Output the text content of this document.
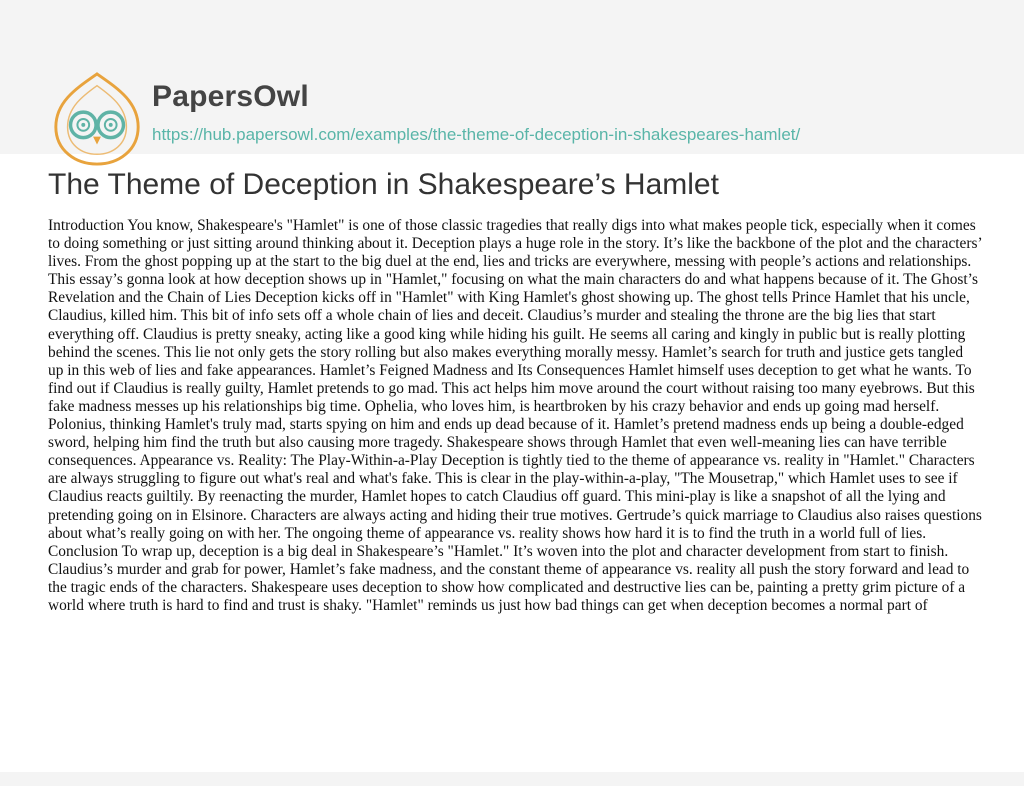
PapersOwl
https://hub.papersowl.com/examples/the-theme-of-deception-in-shakespeares-hamlet/
The Theme of Deception in Shakespeare’s Hamlet

Introduction You know, Shakespeare's "Hamlet" is one of those classic tragedies that really digs into what makes people tick, especially when it comes to doing something or just sitting around thinking about it. Deception plays a huge role in the story. It’s like the backbone of the plot and the characters’ lives. From the ghost popping up at the start to the big duel at the end, lies and tricks are everywhere, messing with people’s actions and relationships. This essay’s gonna look at how deception shows up in "Hamlet," focusing on what the main characters do and what happens because of it. The Ghost’s Revelation and the Chain of Lies Deception kicks off in "Hamlet" with King Hamlet's ghost showing up. The ghost tells Prince Hamlet that his uncle, Claudius, killed him. This bit of info sets off a whole chain of lies and deceit. Claudius’s murder and stealing the throne are the big lies that start everything off. Claudius is pretty sneaky, acting like a good king while hiding his guilt. He seems all caring and kingly in public but is really plotting behind the scenes. This lie not only gets the story rolling but also makes everything morally messy. Hamlet’s search for truth and justice gets tangled up in this web of lies and fake appearances. Hamlet’s Feigned Madness and Its Consequences Hamlet himself uses deception to get what he wants. To find out if Claudius is really guilty, Hamlet pretends to go mad. This act helps him move around the court without raising too many eyebrows. But this fake madness messes up his relationships big time. Ophelia, who loves him, is heartbroken by his crazy behavior and ends up going mad herself. Polonius, thinking Hamlet's truly mad, starts spying on him and ends up dead because of it. Hamlet’s pretend madness ends up being a double-edged sword, helping him find the truth but also causing more tragedy. Shakespeare shows through Hamlet that even well-meaning lies can have terrible consequences. Appearance vs. Reality: The Play-Within-a-Play Deception is tightly tied to the theme of appearance vs. reality in "Hamlet." Characters are always struggling to figure out what's real and what's fake. This is clear in the play-within-a-play, "The Mousetrap," which Hamlet uses to see if Claudius reacts guiltily. By reenacting the murder, Hamlet hopes to catch Claudius off guard. This mini-play is like a snapshot of all the lying and pretending going on in Elsinore. Characters are always acting and hiding their true motives. Gertrude’s quick marriage to Claudius also raises questions about what’s really going on with her. The ongoing theme of appearance vs. reality shows how hard it is to find the truth in a world full of lies. Conclusion To wrap up, deception is a big deal in Shakespeare’s "Hamlet." It’s woven into the plot and character development from start to finish. Claudius’s murder and grab for power, Hamlet’s fake madness, and the constant theme of appearance vs. reality all push the story forward and lead to the tragic ends of the characters. Shakespeare uses deception to show how complicated and destructive lies can be, painting a pretty grim picture of a world where truth is hard to find and trust is shaky. "Hamlet" reminds us just how bad things can get when deception becomes a normal part of
